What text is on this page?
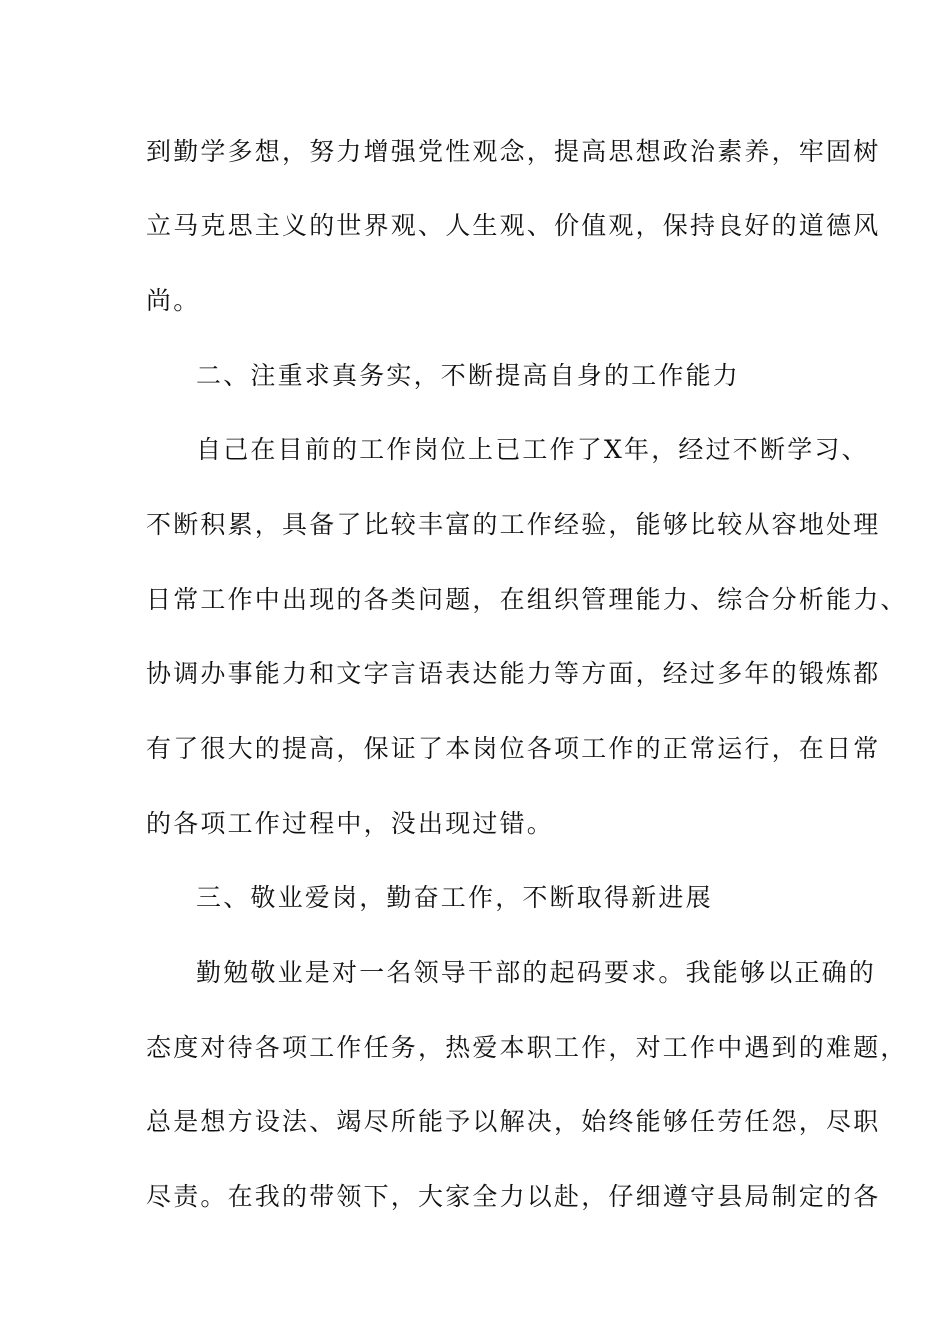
到勤学多想，努力增强党性观念，提高思想政治素养，牢固树

立马克思主义的世界观、人生观、价值观，保持良好的道德风

尚。

二、注重求真务实，不断提高自身的工作能力

自己在目前的工作岗位上已工作了X年，经过不断学习、

不断积累，具备了比较丰富的工作经验，能够比较从容地处理

日常工作中出现的各类问题，在组织管理能力、综合分析能力、

协调办事能力和文字言语表达能力等方面，经过多年的锻炼都

有了很大的提高，保证了本岗位各项工作的正常运行，在日常

的各项工作过程中，没出现过错。

三、敬业爱岗，勤奋工作，不断取得新进展

勤勉敬业是对一名领导干部的起码要求。我能够以正确的

态度对待各项工作任务，热爱本职工作，对工作中遇到的难题，

总是想方设法、竭尽所能予以解决，始终能够任劳任怨，尽职

尽责。在我的带领下，大家全力以赴，仔细遵守县局制定的各
